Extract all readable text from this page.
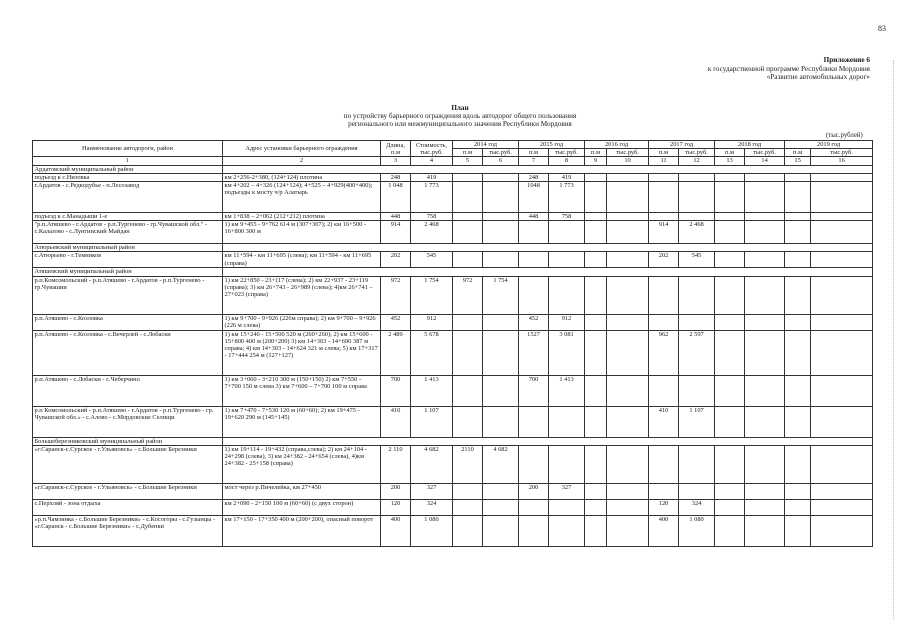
83
Приложение 6
к государственной программе Республики Мордовия
«Развитие автомобильных дорог»
План
по устройству барьерного ограждения вдоль автодорог общего пользования
регионального или межмуниципального значения Республики Мордовия
(тыс.рублей)
Наименование автодороги, район	Адрес установки барьерного ограждения	Длина, п.м	Стоимость, тыс.руб.	2014 год		2015 год		2016 год		2017 год		2018 год		2019 год	
				п.м	тыс.руб.	п.м	тыс.руб.	п.м	тыс.руб.	п.м	тыс.руб.	п.м	тыс.руб.	п.м	тыс.руб.
1	2	3	4	5	6	7	8	9	10	11	12	13	14	15	16
Ардатовский муниципальный район															
подъезд к с.Низовка	км 2+256-2+380, (124+124) плотина	248	419			248	419								
г.Ардатов - с.Редкодубье - п.Лесозавод	км 4+202 – 4+326 (124+124); 4+525 – 4+929(400+400); подъезды к мосту ч/р Алатырь	1 048	1 773			1048	1 773								
подъезд к с.Манадыши 1-е	км 1+838 – 2+062 (212+212) плотина	448	758			448	758								
"р.п.Атяшево - г.Ардатов - р.п.Тургенево - гр.Чувашской обл." - с.Калазово - с.Лунгинский Майдан	1) км 9+455 - 9+762 614 м (307+307); 2) км 16+500 - 16+800 300 м	914	2 468							914	2 468				
Атюрьевский муниципальный район															
с.Атюрьево - г.Темников	км 11+594 - км 11+695 (слева); км 11+594 - км 11+695 (справа)	202	545							202	545				
Атяшевский муниципальный район															
р.п.Комсомольский - р.п.Атяшево - г.Ардатов - р.п.Тургенево - гр.Чувашии	1) км 22+850 - 23+117 (слева); 2) км 22+937 - 23+119 (справа); 3) км 26+743 - 26+989 (слева); 4)км 26+741 – 27+023 (справа)	972	1 754	972	1 754										
р.п.Атяшево - с.Козловка	1) км 9+700 - 9+926 (226м справа); 2) км 9+700 – 9+926 (226 м слева)	452	912			452	912								
р.п.Атяшево - с.Козловка - с.Вечерлей - с.Лобаски	1) км 15+240 - 15+500 520 м (260+260); 2) км 15+600 - 15+800 400 м (200+200) 3) км 14+303 - 14+690 387 м справа; 4) км 14+303 - 14+624 321 м слева; 5) км 17+317 - 17+444 254 м (127+127)	2 489	5 678			1527	3 081			962	2 597				
р.п.Атяшево - с.Лобаски - с.Чеберчино	1) км 3+060 - 3+210 300 м (150+150) 2) км 7+550 - 7+700 150 м слева 3) км 7+600 – 7+700 100 м справа	700	1 413			700	1 413								
р.п Комсомольский - р.п.Атяшево - г.Ардатов - р.п.Тургенево - гр. Чувашской обл.» - с.Алово - с.Мордовские Селищи	1) км 7+470 - 7+530 120 м (60+60); 2) км 19+475 - 19+620 290 м (145+145)	410	1 107							410	1 107				
Большеберезниковский муниципальный район															
«г.Саранск-с.Сурское - г.Ульяновск» - с.Большие Березники	1) км 19+114 - 19+432 (справа,слева); 2) км 24+104 - 24+298 (слева), 3) км 24+382 - 24+654 (слева), 4)км 24+382 - 25+158 (справа)	2 110	4 682	2110	4 682										
«г.Саранск-с.Сурское - г.Ульяновск» - с.Большие Березники	мост через р.Пичелейка, км 27+450	200	327			200	327								
с.Перхляй - зона отдыха	км 2+090 - 2+150 100 м (60+60) (с двух сторон)	120	324							120	324				
«р.п.Чамзинка - с.Большие Березники» - с.Косогоры - с.Гузынцы - «г.Саранск - с.Большие Березники» - с.Дубенки	км 17+150 - 17+350 400 м (200+200), опасный поворот	400	1 080							400	1 080				
